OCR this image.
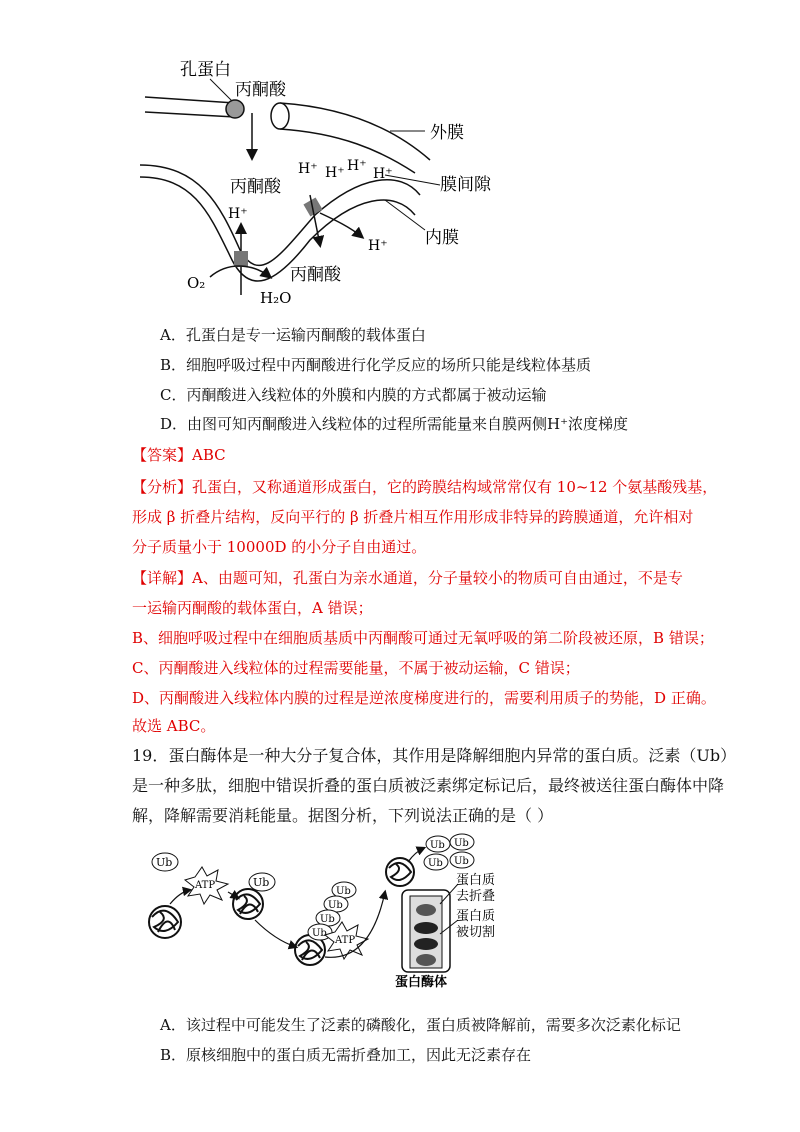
孔蛋白
丙酮酸
外膜
膜间隙
内膜
丙酮酸
丙酮酸
H⁺ H⁺ H⁺ H⁺
H⁺
H⁺
O₂
H₂O
A．孔蛋白是专一运输丙酮酸的载体蛋白
B．细胞呼吸过程中丙酮酸进行化学反应的场所只能是线粒体基质
C．丙酮酸进入线粒体的外膜和内膜的方式都属于被动运输
D．由图可知丙酮酸进入线粒体的过程所需能量来自膜两侧H⁺浓度梯度
【答案】ABC
【分析】孔蛋白，又称通道形成蛋白，它的跨膜结构域常常仅有 10~12 个氨基酸残基，
形成 β 折叠片结构，反向平行的 β 折叠片相互作用形成非特异的跨膜通道，允许相对
分子质量小于 10000D 的小分子自由通过。
【详解】A、由题可知，孔蛋白为亲水通道，分子量较小的物质可自由通过，不是专
一运输丙酮酸的载体蛋白，A 错误；
B、细胞呼吸过程中在细胞质基质中丙酮酸可通过无氧呼吸的第二阶段被还原，B 错误；
C、丙酮酸进入线粒体的过程需要能量，不属于被动运输，C 错误；
D、丙酮酸进入线粒体内膜的过程是逆浓度梯度进行的，需要利用质子的势能，D 正确。
故选 ABC。
19．蛋白酶体是一种大分子复合体，其作用是降解细胞内异常的蛋白质。泛素（Ub）
是一种多肽，细胞中错误折叠的蛋白质被泛素绑定标记后，最终被送往蛋白酶体中降
解，降解需要消耗能量。据图分析，下列说法正确的是（ ）
Ub
Ub
Ub
Ub
Ub
Ub
Ub Ub
Ub Ub
ATP
ATP
蛋白质
去折叠
蛋白质
被切割
蛋白酶体
A．该过程中可能发生了泛素的磷酸化，蛋白质被降解前，需要多次泛素化标记
B．原核细胞中的蛋白质无需折叠加工，因此无泛素存在
